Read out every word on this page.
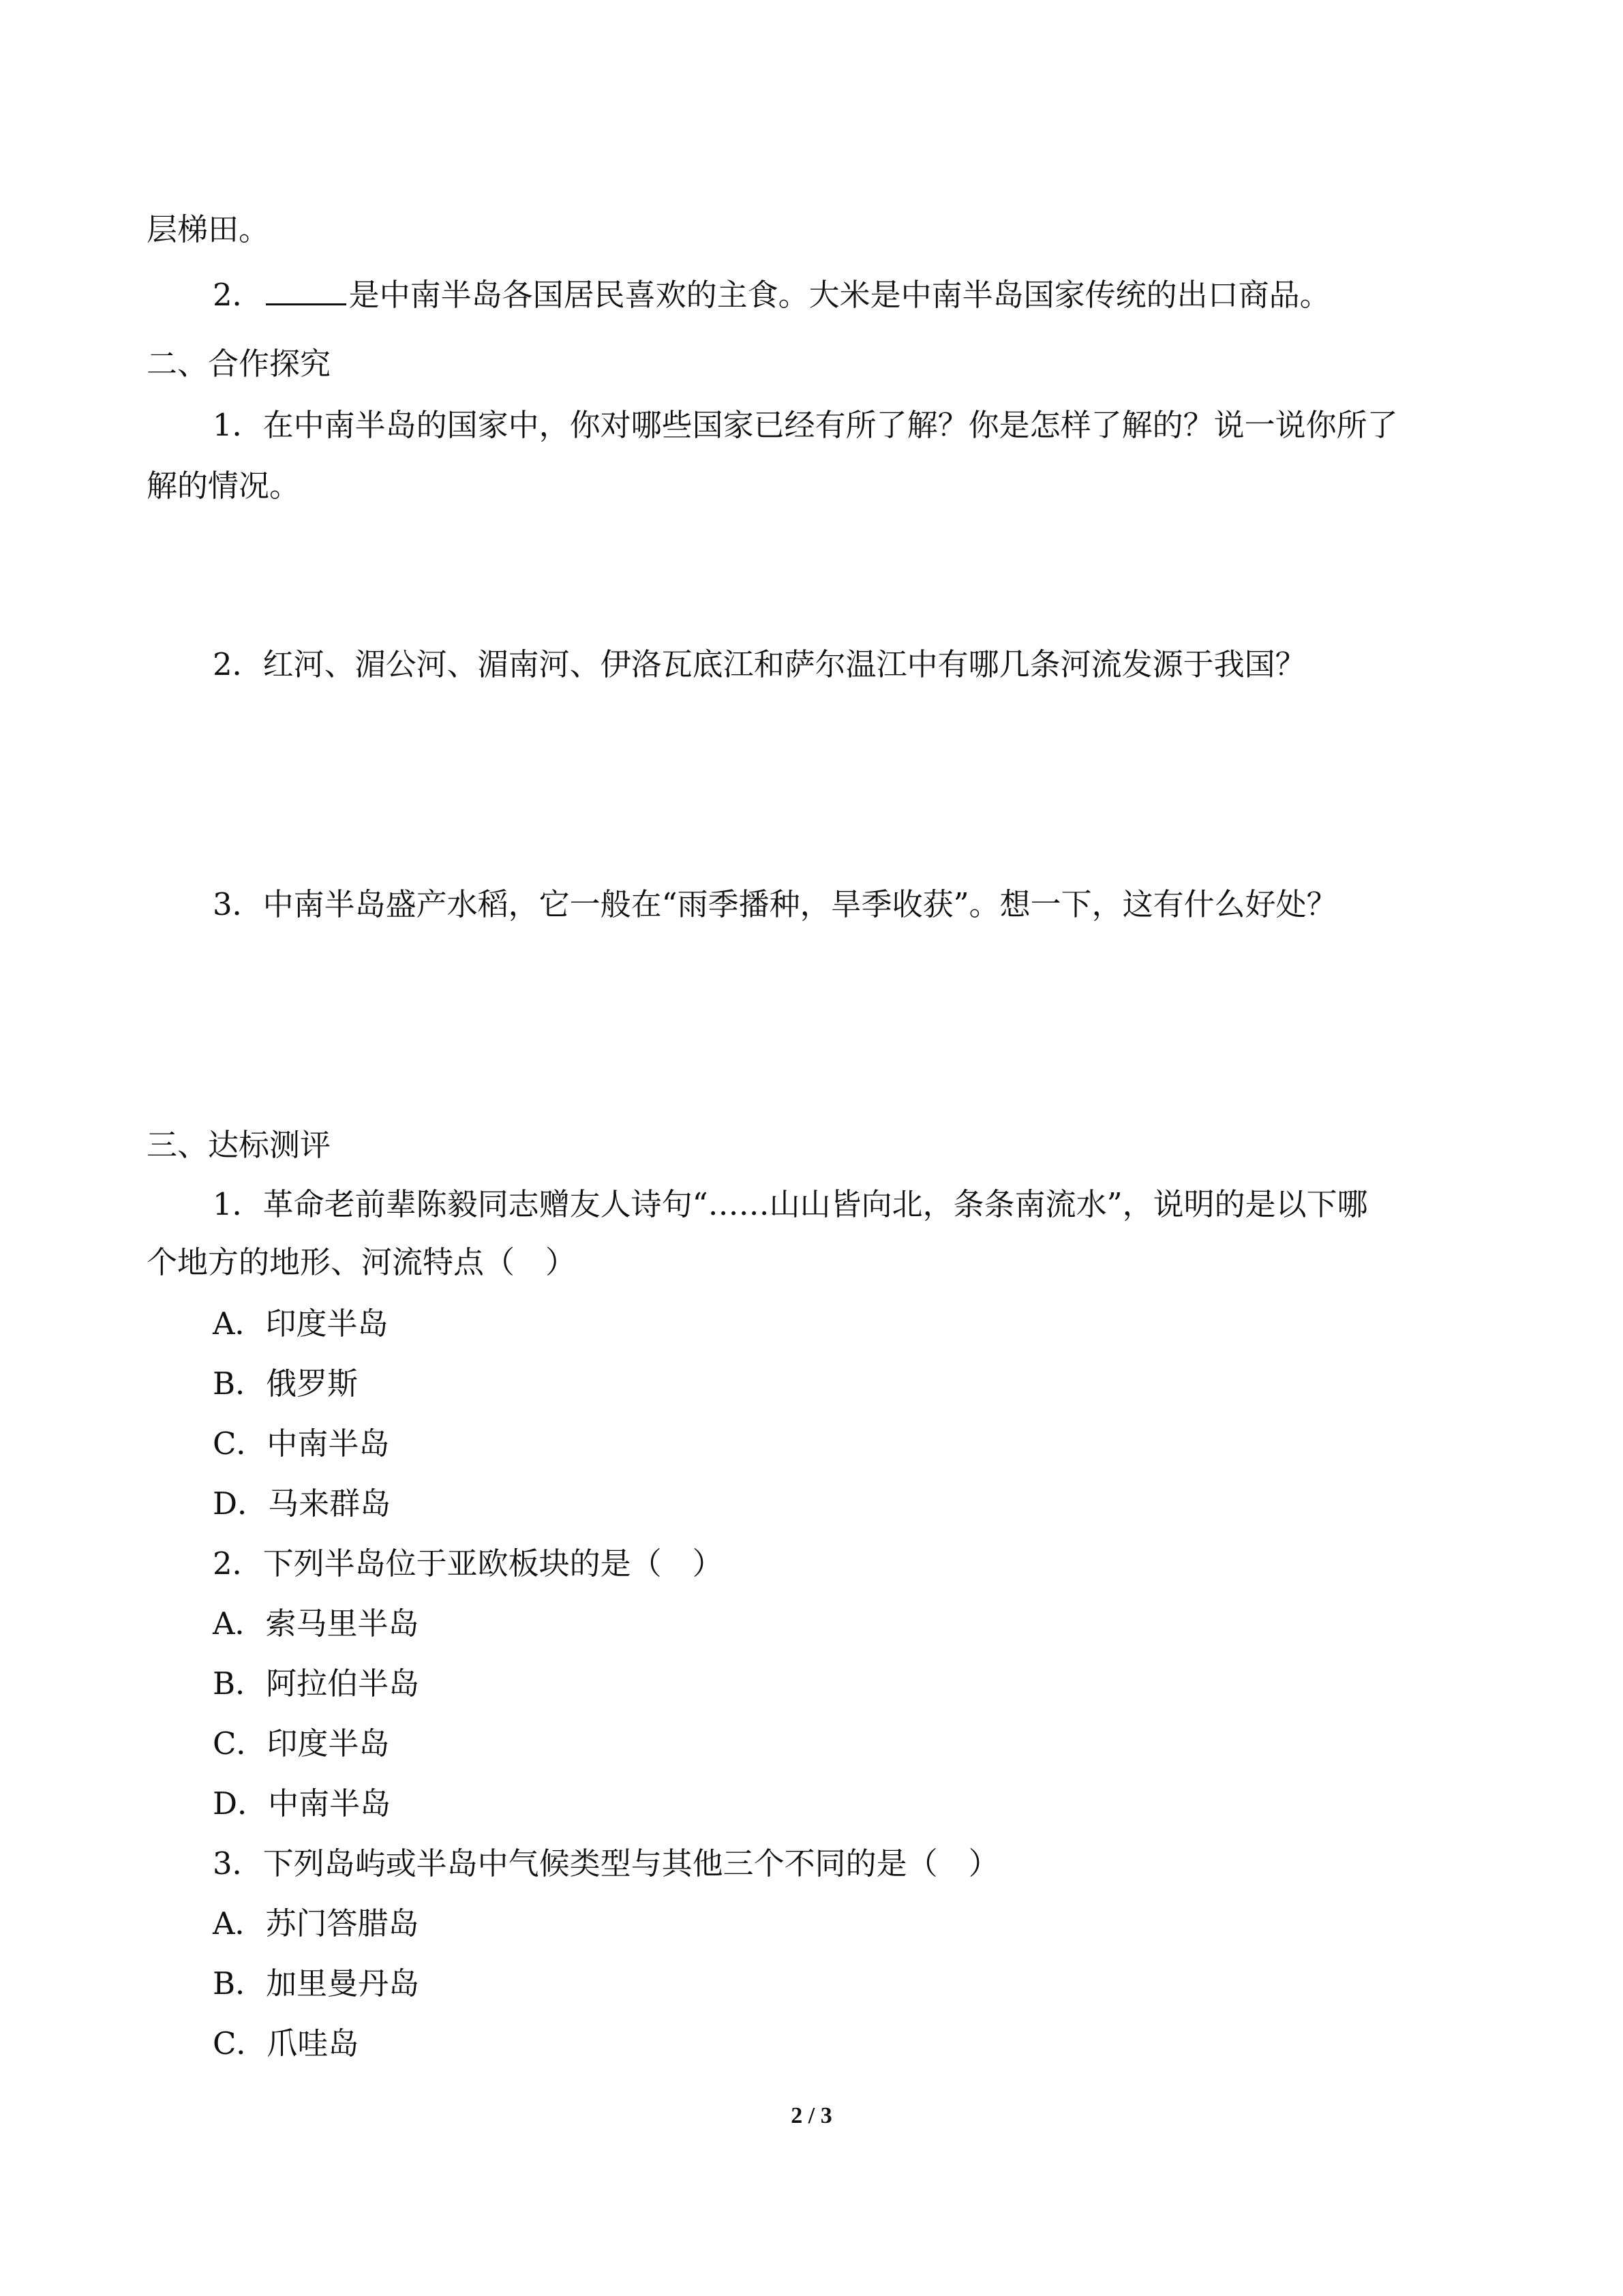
层梯田。
2．	是中南半岛各国居民喜欢的主食。大米是中南半岛国家传统的出口商品。
二、合作探究
1．在中南半岛的国家中，你对哪些国家已经有所了解？你是怎样了解的？说一说你所了
解的情况。
2．红河、湄公河、湄南河、伊洛瓦底江和萨尔温江中有哪几条河流发源于我国？
3．中南半岛盛产水稻，它一般在“雨季播种，旱季收获”。想一下，这有什么好处？
三、达标测评
1．革命老前辈陈毅同志赠友人诗句“……山山皆向北，条条南流水”，说明的是以下哪
个地方的地形、河流特点（　）
A．印度半岛
B．俄罗斯
C．中南半岛
D．马来群岛
2．下列半岛位于亚欧板块的是（　）
A．索马里半岛
B．阿拉伯半岛
C．印度半岛
D．中南半岛
3．下列岛屿或半岛中气候类型与其他三个不同的是（　）
A．苏门答腊岛
B．加里曼丹岛
C．爪哇岛
2 / 3
